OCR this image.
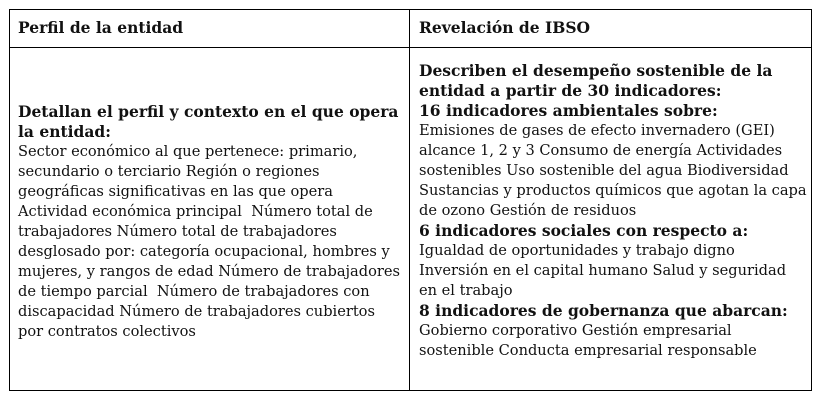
Perfil de la entidad	Revelación de IBSO
Detallan el perfil y contexto en el que opera la entidad:
Sector económico al que pertenece: primario, secundario o terciario Región o regiones geográficas significativas en las que opera Actividad económica principal  Número total de trabajadores Número total de trabajadores desglosado por: categoría ocupacional, hombres y mujeres, y rangos de edad Número de trabajadores de tiempo parcial  Número de trabajadores con discapacidad Número de trabajadores cubiertos por contratos colectivos
Describen el desempeño sostenible de la entidad a partir de 30 indicadores:
16 indicadores ambientales sobre:
Emisiones de gases de efecto invernadero (GEI) alcance 1, 2 y 3 Consumo de energía Actividades sostenibles Uso sostenible del agua Biodiversidad Sustancias y productos químicos que agotan la capa de ozono Gestión de residuos
6 indicadores sociales con respecto a:
Igualdad de oportunidades y trabajo digno Inversión en el capital humano Salud y seguridad en el trabajo
8 indicadores de gobernanza que abarcan:
Gobierno corporativo Gestión empresarial sostenible Conducta empresarial responsable
